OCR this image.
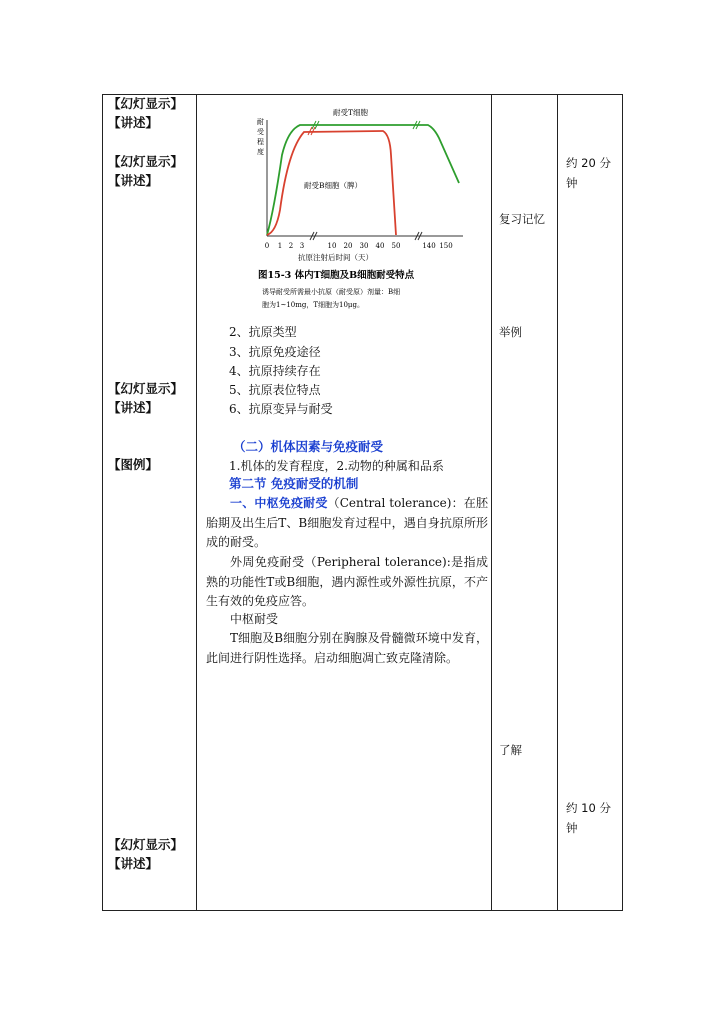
【幻灯显示】
【讲述】
【幻灯显示】
【讲述】
【幻灯显示】
【讲述】
【图例】
【幻灯显示】
【讲述】
耐 受 程 度
耐受T细胞
耐受B细胞（脾）
0 1 2 3	10 20 30 40 50	140 150
抗原注射后时间（天）
图15-3 体内T细胞及B细胞耐受特点
诱导耐受所需最小抗原（耐受原）剂量：B细
胞为1~10mg，T细胞为10μg。
2、抗原类型
3、抗原免疫途径
4、抗原持续存在
5、抗原表位特点
6、抗原变异与耐受
（二）机体因素与免疫耐受
1.机体的发育程度，2.动物的种属和品系
第二节 免疫耐受的机制
一、中枢免疫耐受（Central tolerance)：在胚胎期及出生后T、B细胞发育过程中，遇自身抗原所形成的耐受。
外周免疫耐受（Peripheral tolerance):是指成熟的功能性T或B细胞，遇内源性或外源性抗原，不产生有效的免疫应答。
中枢耐受
T细胞及B细胞分别在胸腺及骨髓微环境中发育，此间进行阴性选择。启动细胞凋亡致克隆清除。
复习记忆
举例
了解
约 20 分
钟
约 10 分
钟
